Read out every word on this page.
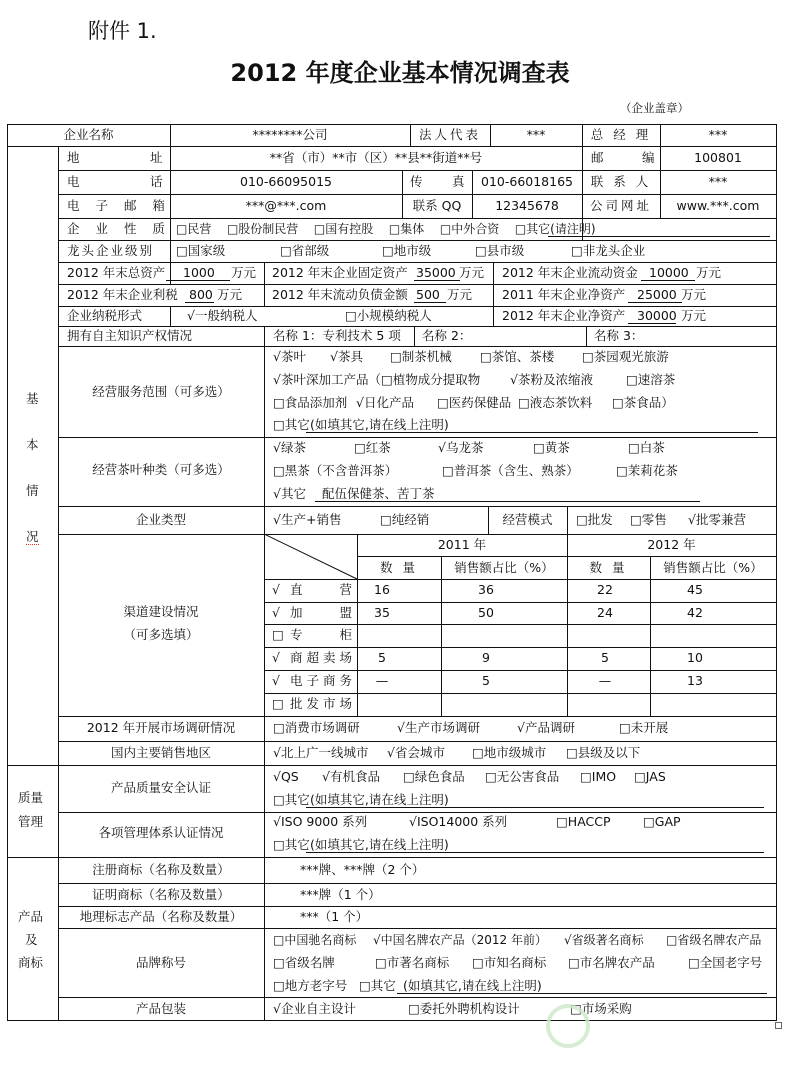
附件 1.
2012 年度企业基本情况调查表
（企业盖章）
企业名称	********公司	法人代表	***	总 经 理	***
基
本
情
况
地	址	**省（市）**市（区）**县**街道**号	邮	编	100801
电	话	010-66095015	传 真	010-66018165	联 系 人	***
电 子 邮 箱	***@***.com	联系 QQ	12345678	公司网址	www.***.com
企 业 性 质 □民营  □股份制民营  □国有控股  □集体  □中外合资  □其它(请注明)
龙头企业级别 □国家级	□省部级	□地市级	□县市级	□非龙头企业
2012 年末总资产 1000 万元 2012 年末企业固定资产 35000 万元 2012 年末企业流动资金 10000 万元
2012 年末企业利税 800 万元 2012 年末流动负债金额 500 万元 2011 年末企业净资产 25000 万元
企业纳税形式	√一般纳税人	□小规模纳税人	2012 年末企业净资产 30000 万元
拥有自主知识产权情况	名称 1：专利技术 5 项 名称 2：	名称 3：
经营服务范围（可多选）
√茶叶 √茶具 □制茶机械 □茶馆、茶楼 □茶园观光旅游
√茶叶深加工产品（□植物成分提取物 √茶粉及浓缩液	□速溶茶
□食品添加剂 √日化产品 □医药保健品 □液态茶饮料 □茶食品）
□其它 (如填其它,请在线上注明)
经营茶叶种类（可多选）
√绿茶	□红茶	√乌龙茶	□黄茶	□白茶
□黑茶（不含普洱茶）	□普洱茶（含生、熟茶）	□茉莉花茶
√其它 配伍保健茶、苦丁茶
企业类型	√生产+销售	□纯经销	经营模式	□批发 □零售 √批零兼营
渠道建设情况
（可多选填）
2011 年	2012 年
数 量	销售额占比（%）	数 量	销售额占比（%）
√ 直　　营	16	36	22	45
√ 加　　盟	35	50	24	42
□ 专　　柜
√ 商超卖场	5	9	5	10
√ 电子商务	—	5	—	13
□ 批发市场
2012 年开展市场调研情况	□消费市场调研	√生产市场调研	√产品调研	□未开展
国内主要销售地区	√北上广一线城市 √省会城市 □地市级城市 □县级及以下
质量
管理
产品质量安全认证
√QS √有机食品 □绿色食品 □无公害食品 □IMO □JAS
□其它 (如填其它,请在线上注明)
各项管理体系认证情况
√ISO 9000 系列	√ISO14000 系列	□HACCP	□GAP
□其它 (如填其它,请在线上注明)
产品
及
商标
注册商标（名称及数量）	***牌、***牌（2 个）
证明商标（名称及数量）	***牌（1 个）
地理标志产品（名称及数量）	***（1 个）
品牌称号
□中国驰名商标 √中国名牌农产品（2012 年前） √省级著名商标 □省级名牌农产品
□省级名牌	□市著名商标 □市知名商标 □市名牌农产品	□全国老字号
□地方老字号 □其它 (如填其它,请在线上注明)
产品包装	√企业自主设计	□委托外聘机构设计	□市场采购
